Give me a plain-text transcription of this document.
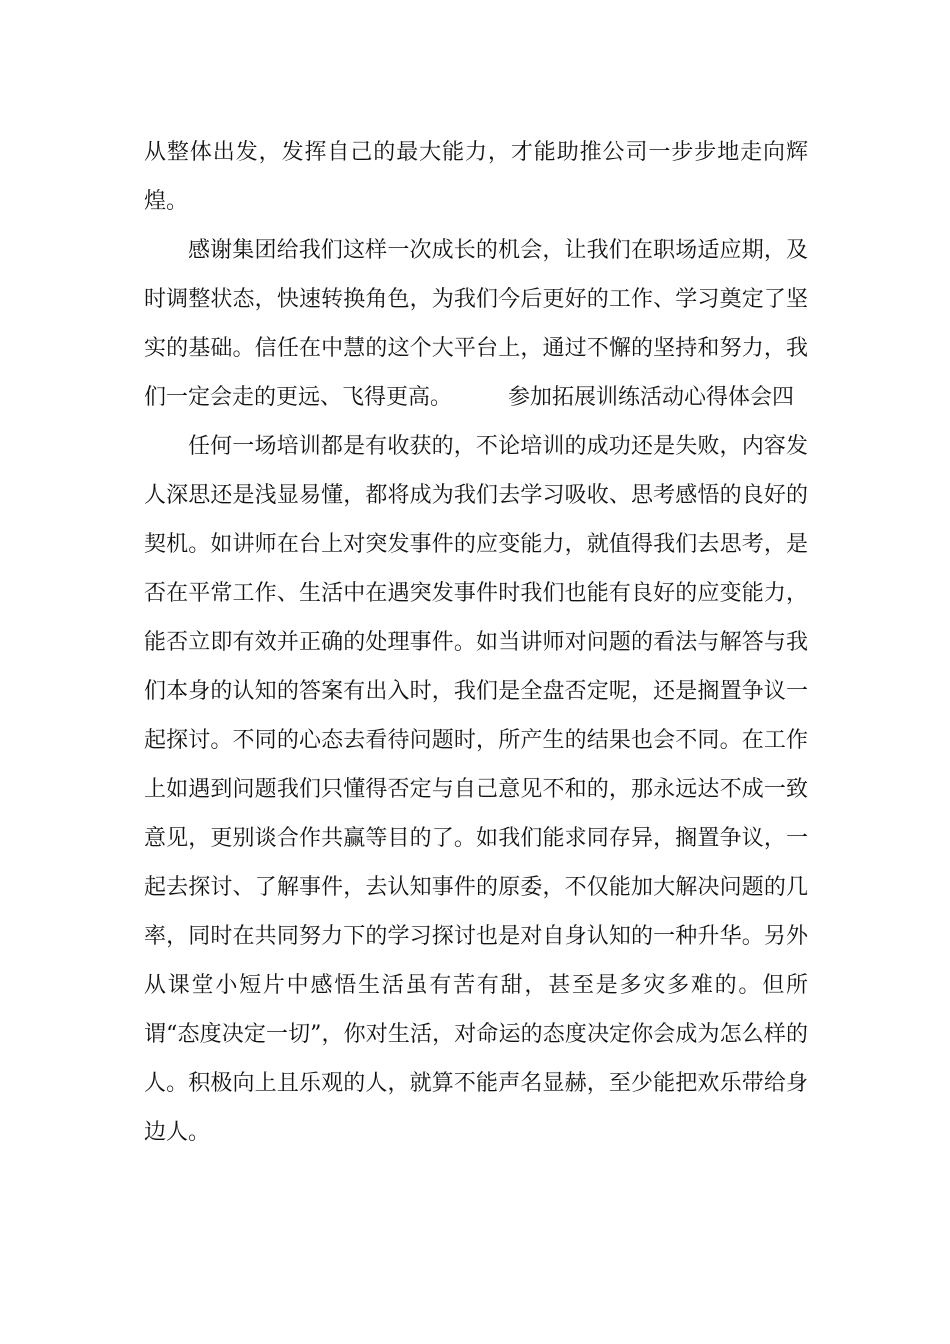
从整体出发，发挥自己的最大能力，才能助推公司一步步地走向辉煌。

感谢集团给我们这样一次成长的机会，让我们在职场适应期，及时调整状态，快速转换角色，为我们今后更好的工作、学习奠定了坚实的基础。信任在中慧的这个大平台上，通过不懈的坚持和努力，我们一定会走的更远、飞得更高。	参加拓展训练活动心得体会四

任何一场培训都是有收获的，不论培训的成功还是失败，内容发人深思还是浅显易懂，都将成为我们去学习吸收、思考感悟的良好的契机。如讲师在台上对突发事件的应变能力，就值得我们去思考，是否在平常工作、生活中在遇突发事件时我们也能有良好的应变能力，能否立即有效并正确的处理事件。如当讲师对问题的看法与解答与我们本身的认知的答案有出入时，我们是全盘否定呢，还是搁置争议一起探讨。不同的心态去看待问题时，所产生的结果也会不同。在工作上如遇到问题我们只懂得否定与自己意见不和的，那永远达不成一致意见，更别谈合作共赢等目的了。如我们能求同存异，搁置争议，一起去探讨、了解事件，去认知事件的原委，不仅能加大解决问题的几率，同时在共同努力下的学习探讨也是对自身认知的一种升华。另外从课堂小短片中感悟生活虽有苦有甜，甚至是多灾多难的。但所谓“态度决定一切”，你对生活，对命运的态度决定你会成为怎么样的人。积极向上且乐观的人，就算不能声名显赫，至少能把欢乐带给身边人。
